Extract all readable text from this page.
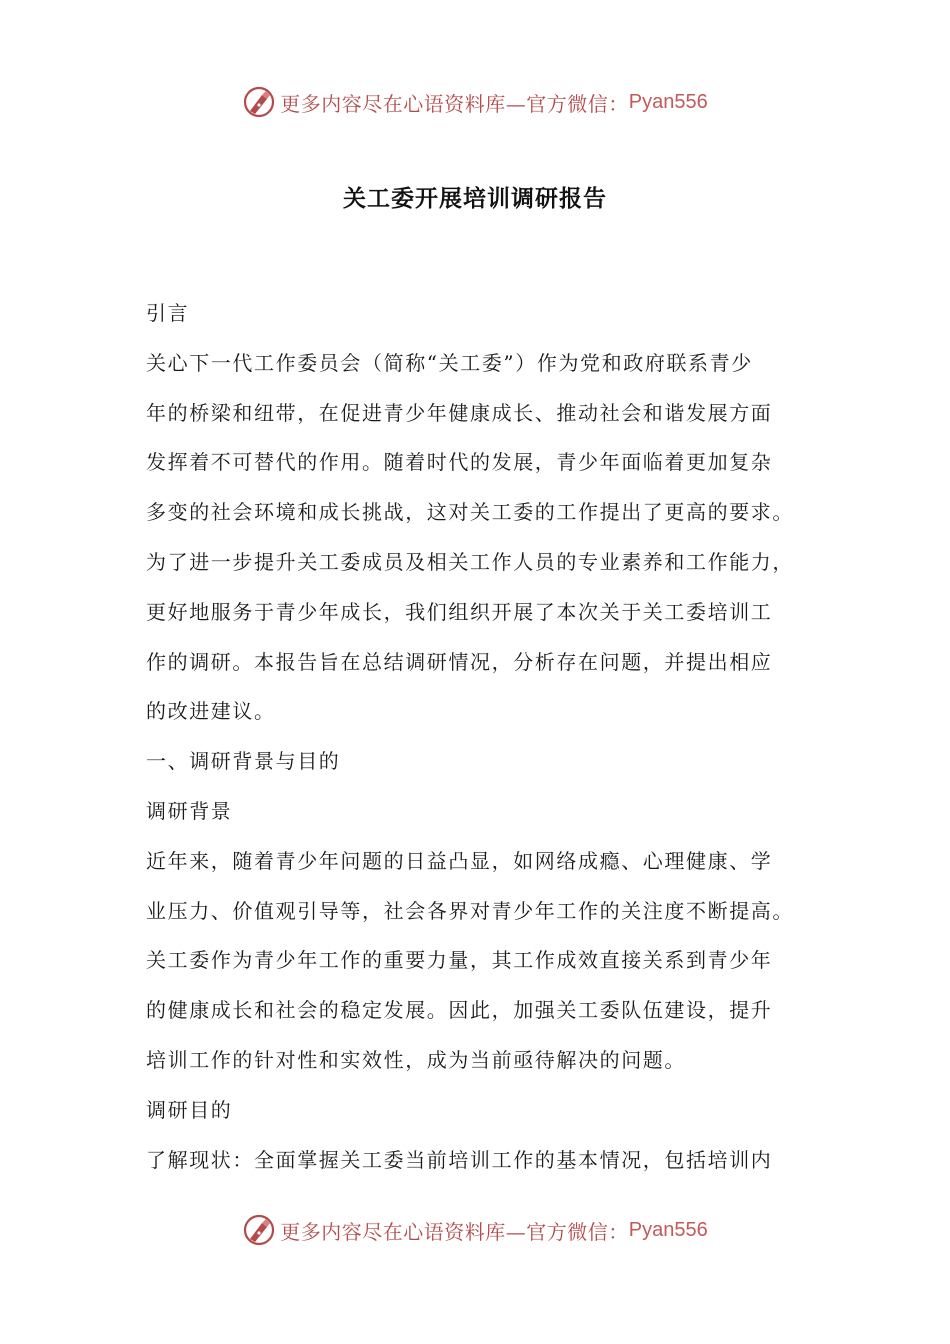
更多内容尽在心语资料库—官方微信： Pyan556
关工委开展培训调研报告
引言
关心下一代工作委员会（简称“关工委”）作为党和政府联系青少
年的桥梁和纽带，在促进青少年健康成长、推动社会和谐发展方面
发挥着不可替代的作用。随着时代的发展，青少年面临着更加复杂
多变的社会环境和成长挑战，这对关工委的工作提出了更高的要求。
为了进一步提升关工委成员及相关工作人员的专业素养和工作能力，
更好地服务于青少年成长，我们组织开展了本次关于关工委培训工
作的调研。本报告旨在总结调研情况，分析存在问题，并提出相应
的改进建议。
一、调研背景与目的
调研背景
近年来，随着青少年问题的日益凸显，如网络成瘾、心理健康、学
业压力、价值观引导等，社会各界对青少年工作的关注度不断提高。
关工委作为青少年工作的重要力量，其工作成效直接关系到青少年
的健康成长和社会的稳定发展。因此，加强关工委队伍建设，提升
培训工作的针对性和实效性，成为当前亟待解决的问题。
调研目的
了解现状：全面掌握关工委当前培训工作的基本情况，包括培训内
更多内容尽在心语资料库—官方微信： Pyan556
